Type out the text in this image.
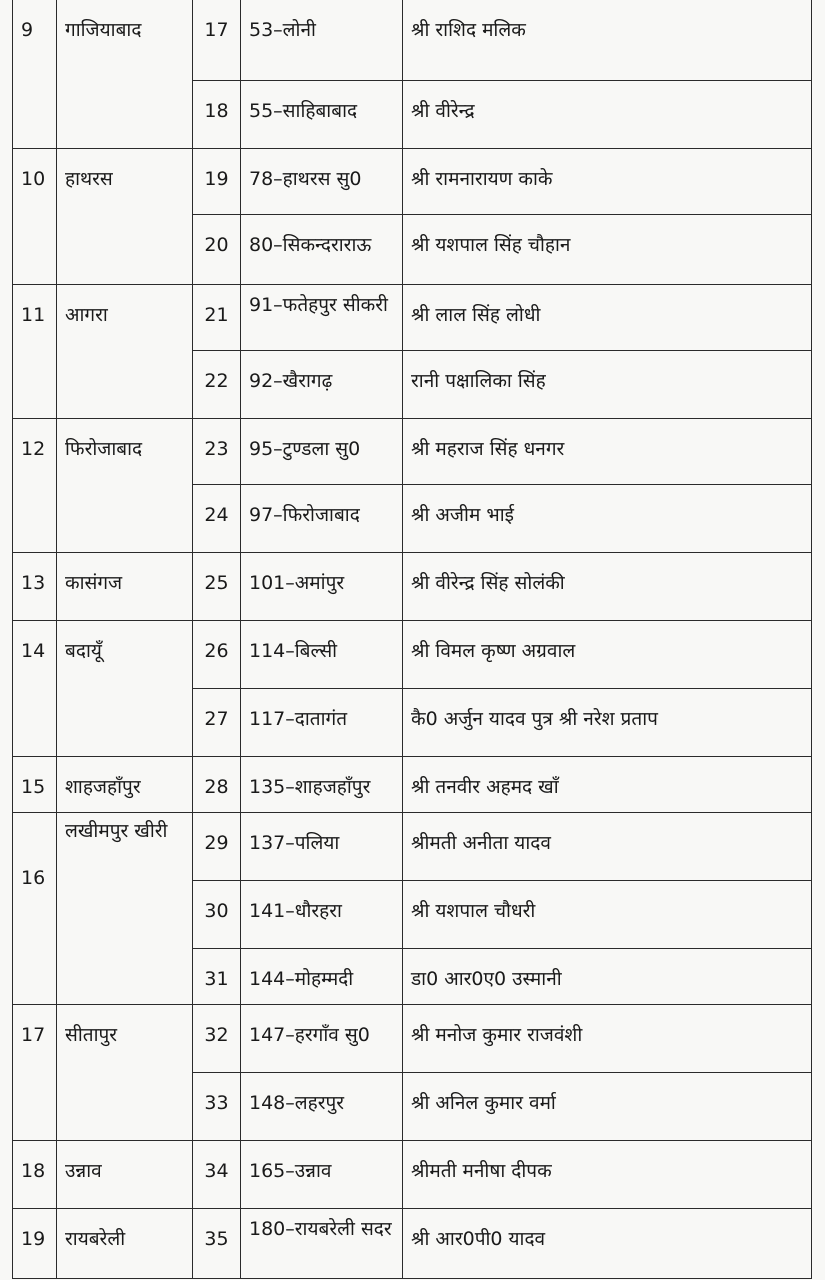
9	गाजियाबाद	17	53–लोनी	श्री राशिद मलिक
		18	55–साहिबाबाद	श्री वीरेन्द्र
10	हाथरस	19	78–हाथरस सु0	श्री रामनारायण काके
		20	80–सिकन्दराराऊ	श्री यशपाल सिंह चौहान
11	आगरा	21	91–फतेहपुर सीकरी	श्री लाल सिंह लोधी
		22	92–खैरागढ़	रानी पक्षालिका सिंह
12	फिरोजाबाद	23	95–टुण्डला सु0	श्री महराज सिंह धनगर
		24	97–फिरोजाबाद	श्री अजीम भाई
13	कासंगज	25	101–अमांपुर	श्री वीरेन्द्र सिंह सोलंकी
14	बदायूँ	26	114–बिल्सी	श्री विमल कृष्ण अग्रवाल
		27	117–दातागंत	कै0 अर्जुन यादव पुत्र श्री नरेश प्रताप
15	शाहजहाँपुर	28	135–शाहजहाँपुर	श्री तनवीर अहमद खाँ
16	लखीमपुर खीरी	29	137–पलिया	श्रीमती अनीता यादव
		30	141–धौरहरा	श्री यशपाल चौधरी
		31	144–मोहम्मदी	डा0 आर0ए0 उस्मानी
17	सीतापुर	32	147–हरगाँव सु0	श्री मनोज कुमार राजवंशी
		33	148–लहरपुर	श्री अनिल कुमार वर्मा
18	उन्नाव	34	165–उन्नाव	श्रीमती मनीषा दीपक
19	रायबरेली	35	180–रायबरेली सदर	श्री आर0पी0 यादव
